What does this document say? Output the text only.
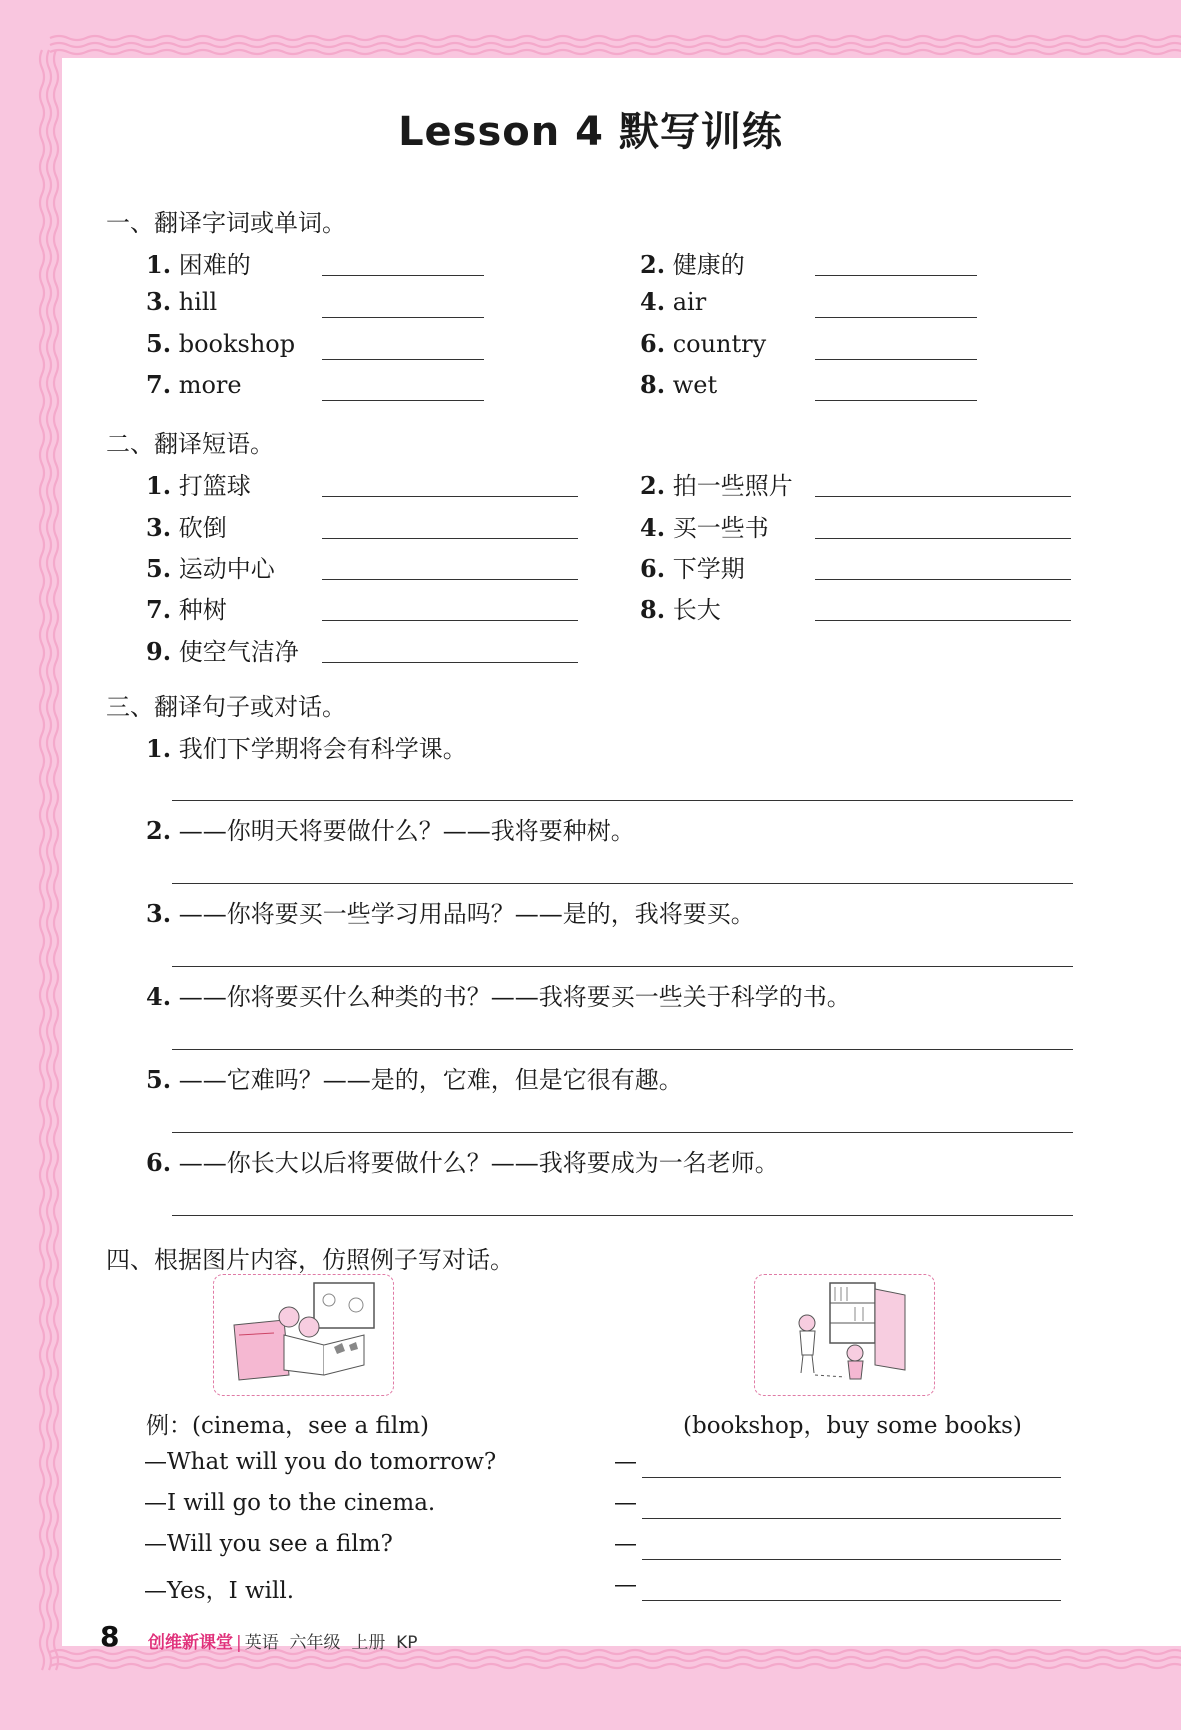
Lesson 4 默写训练
一、翻译字词或单词。
1. 困难的	2. 健康的
3. hill	4. air
5. bookshop	6. country
7. more	8. wet
二、翻译短语。
1. 打篮球	2. 拍一些照片
3. 砍倒	4. 买一些书
5. 运动中心	6. 下学期
7. 种树	8. 长大
9. 使空气洁净
三、翻译句子或对话。
1. 我们下学期将会有科学课。
2. ——你明天将要做什么？——我将要种树。
3. ——你将要买一些学习用品吗？——是的，我将要买。
4. ——你将要买什么种类的书？——我将要买一些关于科学的书。
5. ——它难吗？——是的，它难，但是它很有趣。
6. ——你长大以后将要做什么？——我将要成为一名老师。
四、根据图片内容，仿照例子写对话。
例：(cinema，see a film)	(bookshop，buy some books)
—What will you do tomorrow?
—I will go to the cinema.
—Will you see a film?
—Yes，I will.
—
—
—
—
8 创维新课堂 | 英语  六年级  上册  KP
